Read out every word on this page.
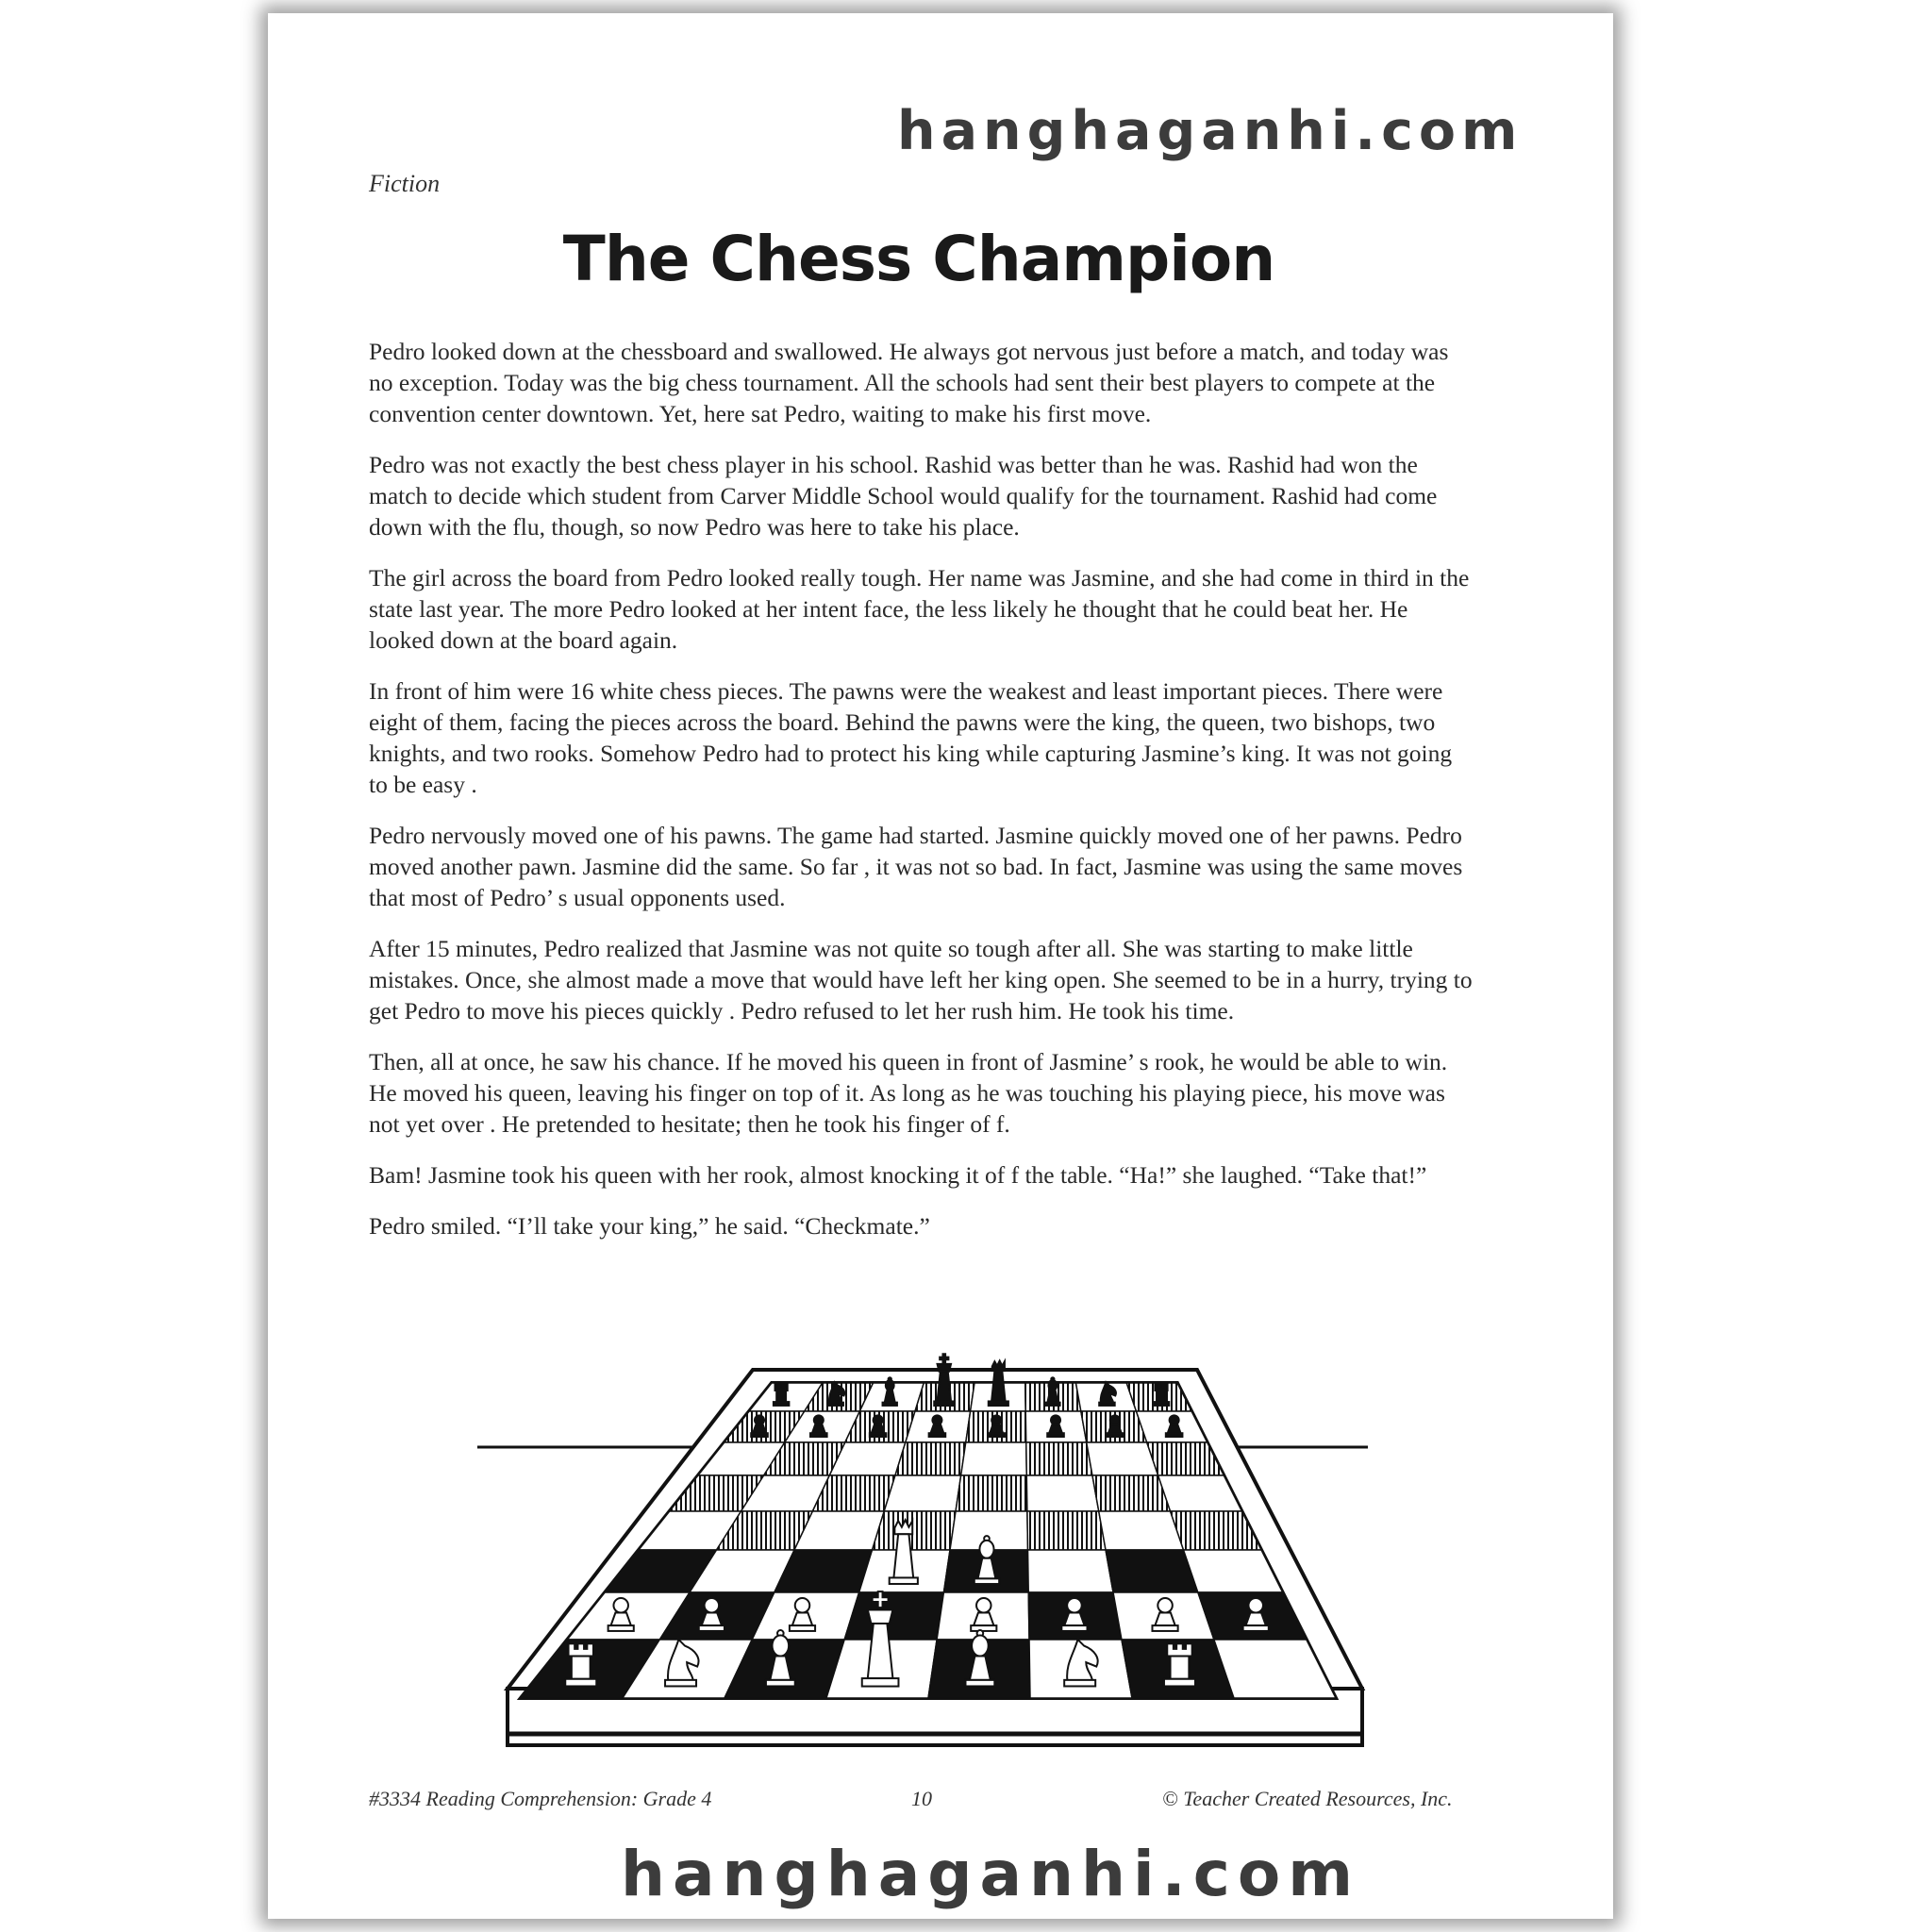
hanghaganhi.com
Fiction
The Chess Champion

Pedro looked down at the chessboard and swallowed. He always got nervous just before a match, and today was no exception. Today was the big chess tournament. All the schools had sent their best players to compete at the convention center downtown. Yet, here sat Pedro, waiting to make his first move.

Pedro was not exactly the best chess player in his school. Rashid was better than he was. Rashid had won the match to decide which student from Carver Middle School would qualify for the tournament. Rashid had come down with the flu, though, so now Pedro was here to take his place.

The girl across the board from Pedro looked really tough. Her name was Jasmine, and she had come in third in the state last year. The more Pedro looked at her intent face, the less likely he thought that he could beat her. He looked down at the board again.

In front of him were 16 white chess pieces. The pawns were the weakest and least important pieces. There were eight of them, facing the pieces across the board. Behind the pawns were the king, the queen, two bishops, two knights, and two rooks. Somehow Pedro had to protect his king while capturing Jasmine’s king. It was not going to be easy .

Pedro nervously moved one of his pawns. The game had started. Jasmine quickly moved one of her pawns. Pedro moved another pawn. Jasmine did the same. So far , it was not so bad. In fact, Jasmine was using the same moves that most of Pedro’ s usual opponents used.

After 15 minutes, Pedro realized that Jasmine was not quite so tough after all. She was starting to make little mistakes. Once, she almost made a move that would have left her king open. She seemed to be in a hurry, trying to get Pedro to move his pieces quickly . Pedro refused to let her rush him. He took his time.

Then, all at once, he saw his chance. If he moved his queen in front of Jasmine’ s rook, he would be able to win. He moved his queen, leaving his finger on top of it. As long as he was touching his playing piece, his move was not yet over . He pretended to hesitate; then he took his finger of f.

Bam! Jasmine took his queen with her rook, almost knocking it of f the table. “Ha!” she laughed. “Take that!”

Pedro smiled. “I’ll take your king,” he said. “Checkmate.”

#3334 Reading Comprehension: Grade 4	10	© Teacher Created Resources, Inc.
hanghaganhi.com
